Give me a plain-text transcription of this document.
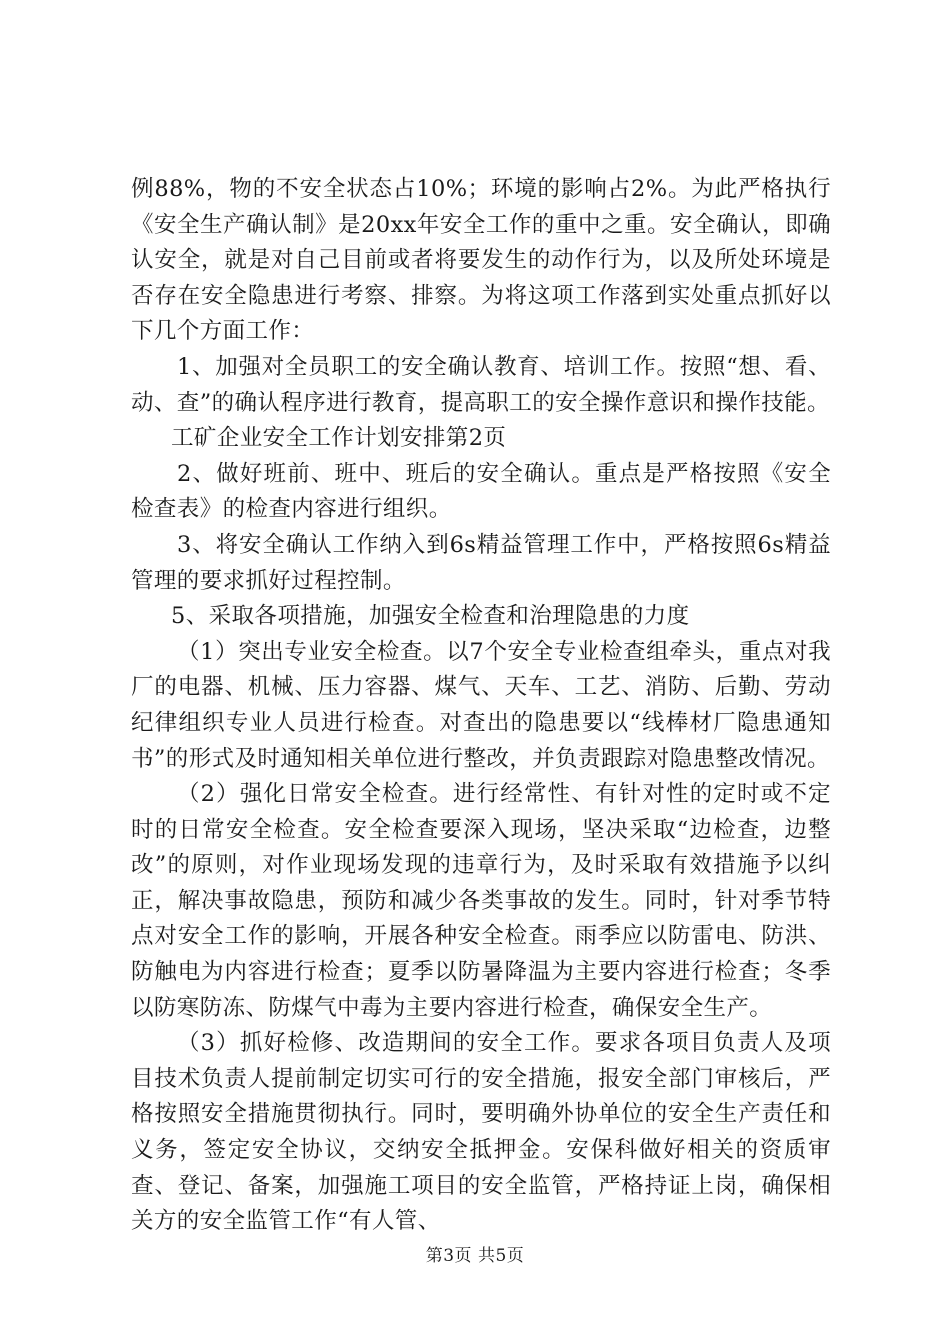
例88%，物的不安全状态占10%；环境的影响占2%。为此严格执行《安全生产确认制》是20xx年安全工作的重中之重。安全确认，即确认安全，就是对自己目前或者将要发生的动作行为，以及所处环境是否存在安全隐患进行考察、排察。为将这项工作落到实处重点抓好以下几个方面工作：

1、加强对全员职工的安全确认教育、培训工作。按照“想、看、动、查”的确认程序进行教育，提高职工的安全操作意识和操作技能。

工矿企业安全工作计划安排第2页

2、做好班前、班中、班后的安全确认。重点是严格按照《安全检查表》的检查内容进行组织。

3、将安全确认工作纳入到6s精益管理工作中，严格按照6s精益管理的要求抓好过程控制。

5、采取各项措施，加强安全检查和治理隐患的力度

（1）突出专业安全检查。以7个安全专业检查组牵头，重点对我厂的电器、机械、压力容器、煤气、天车、工艺、消防、后勤、劳动纪律组织专业人员进行检查。对查出的隐患要以“线棒材厂隐患通知书”的形式及时通知相关单位进行整改，并负责跟踪对隐患整改情况。

（2）强化日常安全检查。进行经常性、有针对性的定时或不定时的日常安全检查。安全检查要深入现场，坚决采取“边检查，边整改”的原则，对作业现场发现的违章行为，及时采取有效措施予以纠正，解决事故隐患，预防和减少各类事故的发生。同时，针对季节特点对安全工作的影响，开展各种安全检查。雨季应以防雷电、防洪、防触电为内容进行检查；夏季以防暑降温为主要内容进行检查；冬季以防寒防冻、防煤气中毒为主要内容进行检查，确保安全生产。

（3）抓好检修、改造期间的安全工作。要求各项目负责人及项目技术负责人提前制定切实可行的安全措施，报安全部门审核后，严格按照安全措施贯彻执行。同时，要明确外协单位的安全生产责任和义务，签定安全协议，交纳安全抵押金。安保科做好相关的资质审查、登记、备案，加强施工项目的安全监管，严格持证上岗，确保相关方的安全监管工作“有人管、

第3页 共5页
